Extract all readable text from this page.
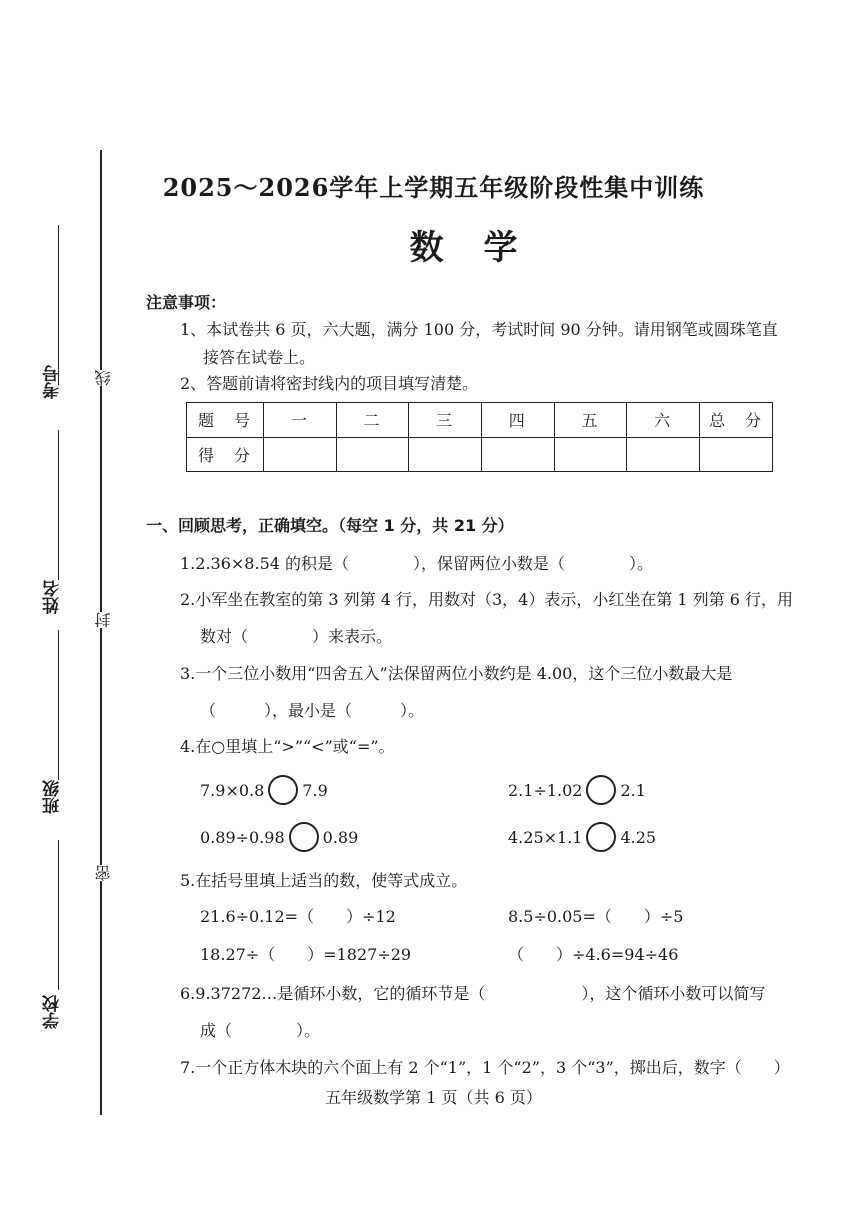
考号
姓名
班级
学校
线
封
密
2025～2026学年上学期五年级阶段性集中训练
数学
注意事项：
1、本试卷共 6 页，六大题，满分 100 分，考试时间 90 分钟。请用钢笔或圆珠笔直
接答在试卷上。
2、答题前请将密封线内的项目填写清楚。
题　号	一	二	三	四	五	六	总　分
得　分							
一、回顾思考，正确填空。（每空 1 分，共 21 分）
1.2.36×8.54 的积是（　　　　），保留两位小数是（　　　　）。
2.小军坐在教室的第 3 列第 4 行，用数对（3，4）表示，小红坐在第 1 列第 6 行，用
数对（　　　　）来表示。
3.一个三位小数用“四舍五入”法保留两位小数约是 4.00，这个三位小数最大是
（　　　），最小是（　　　）。
4.在○里填上“>”“<”或“=”。
7.9×0.8 7.9	2.1÷1.02 2.1
0.89÷0.98 0.89	4.25×1.1 4.25
5.在括号里填上适当的数，使等式成立。
21.6÷0.12=（　　）÷12	8.5÷0.05=（　　）÷5
18.27÷（　　）=1827÷29	（　　）÷4.6=94÷46
6.9.37272…是循环小数，它的循环节是（　　　　　　），这个循环小数可以简写
成（　　　　）。
7.一个正方体木块的六个面上有 2 个“1”，1 个“2”，3 个“3”，掷出后，数字（　　）
五年级数学第 1 页（共 6 页）
